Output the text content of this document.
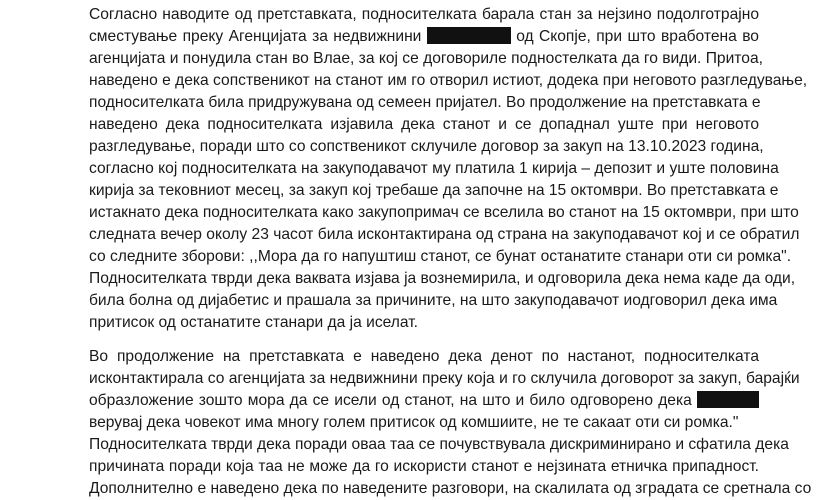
Согласно наводите од претставката, подносителката барала стан за нејзино подолготрајно
сместување преку Агенцијата за недвижнини	од Скопје, при што вработена во
агенцијата и понудила стан во Влае, за кој се договориле подностелката да го види. Притоа,
наведено е дека сопственикот на станот им го отворил истиот, додека при неговото разгледување,
подносителката била придружувана од семеен пријател. Во продолжение на претставката е
наведено дека подносителката изјавила дека станот и се допаднал уште при неговото
разгледување, поради што со сопственикот склучиле договор за закуп на 13.10.2023 година,
согласно кој подносителката на закуподавачот му платила 1 кирија – депозит и уште половина
кирија за тековниот месец, за закуп кој требаше да започне на 15 октомври. Во претставката е
истакнато дека подносителката како закупопримач се вселила во станот на 15 октомври, при што
следната вечер околу 23 часот била исконтактирана од страна на закуподавачот кој и се обратил
со следните зборови: ,,Мора да го напуштиш станот, се бунат останатите станари оти си ромка".
Подносителката тврди дека ваквата изјава ја вознемирила, и одговорила дека нема каде да оди,
била болна од дијабетис и прашала за причините, на што закуподавачот иодговорил дека има
притисок од останатите станари да ја иселат.
Во продолжение на претставката е наведено дека денот по настанот, подносителката
исконтактирала со агенцијата за недвижнини преку која и го склучила договорот за закуп, барајќи
образложение зошто мора да се исели од станот, на што и било одговорено дека
верувај дека човекот има многу голем притисок од комшиите, не те сакаат оти си ромка."
Подносителката тврди дека поради оваа таа се почувствувала дискриминирано и сфатила дека
причината поради која таа не може да го искористи станот е нејзината етничка припадност.
Дополнително е наведено дека по наведените разговори, на скалилата од зградата се сретнала со
